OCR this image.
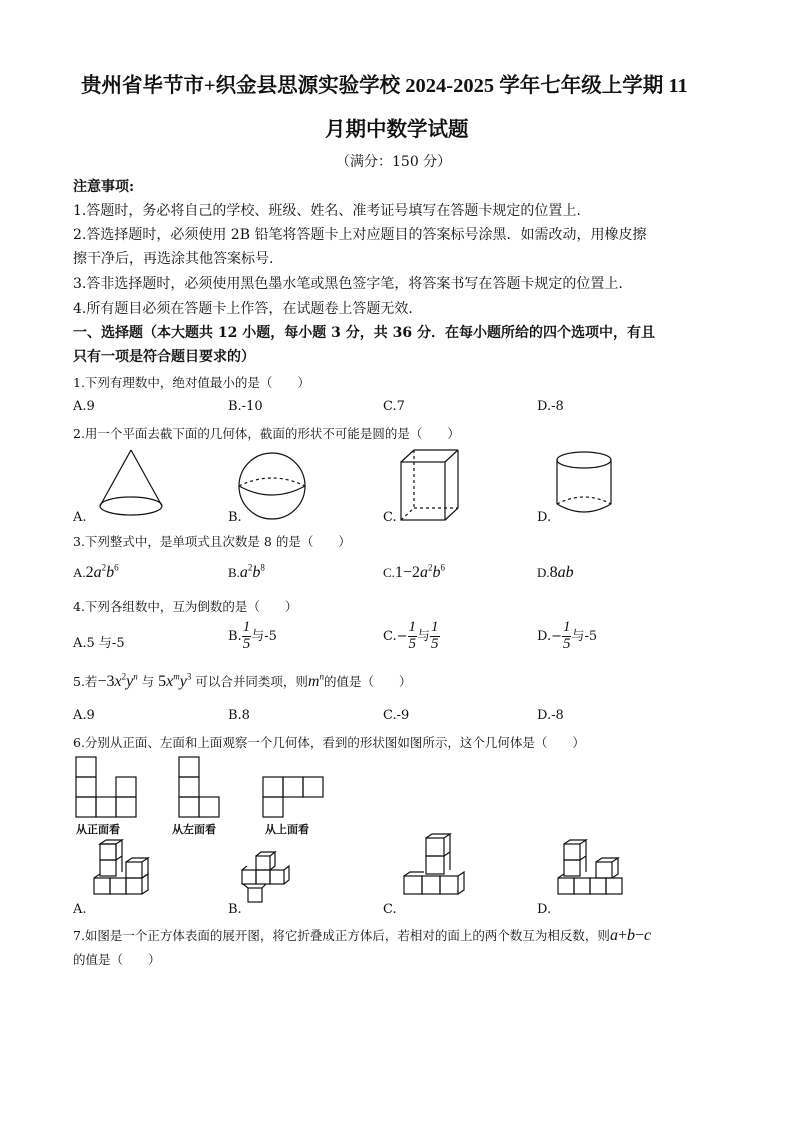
贵州省毕节市+织金县思源实验学校 2024-2025 学年七年级上学期 11
月期中数学试题
（满分：150 分）
注意事项:
1.答题时，务必将自己的学校、班级、姓名、准考证号填写在答题卡规定的位置上.
2.答选择题时，必须使用 2B 铅笔将答题卡上对应题目的答案标号涂黑．如需改动，用橡皮擦
擦干净后，再选涂其他答案标号.
3.答非选择题时，必须使用黑色墨水笔或黑色签字笔，将答案书写在答题卡规定的位置上.
4.所有题目必须在答题卡上作答，在试题卷上答题无效.
一、选择题（本大题共 12 小题，每小题 3 分，共 36 分．在每小题所给的四个选项中，有且
只有一项是符合题目要求的）
1.下列有理数中，绝对值最小的是（　　）
A.9	B.-10	C.7	D.-8
2.用一个平面去截下面的几何体，截面的形状不可能是圆的是（　　）
A.	B.	C.	D.
3.下列整式中，是单项式且次数是 8 的是（　　）
$A.2a^2b^6$	$B.a^2b^8$	$C.1-2a^2b^6$	D.8ab
4.下列各组数中，互为倒数的是（　　）
A.5 与-5	B. $\frac{1}{5}$ 与-5	$C.- \frac{1}{5}$ 与 $\frac{1}{5}$	$D.- \frac{1}{5}$ 与-5
5.若$-3x^2y^n$ 与 $5x^my^3$ 可以合并同类项，则$m^n$的值是（　　）
A.9	B.8	C.-9	D.-8
6.分别从正面、左面和上面观察一个几何体，看到的形状图如图所示，这个几何体是（　　）
从正面看	从左面看	从上面看
A.	B.	C.	D.
7.如图是一个正方体表面的展开图，将它折叠成正方体后，若相对的面上的两个数互为相反数，则a+b−c
的值是（　　）
